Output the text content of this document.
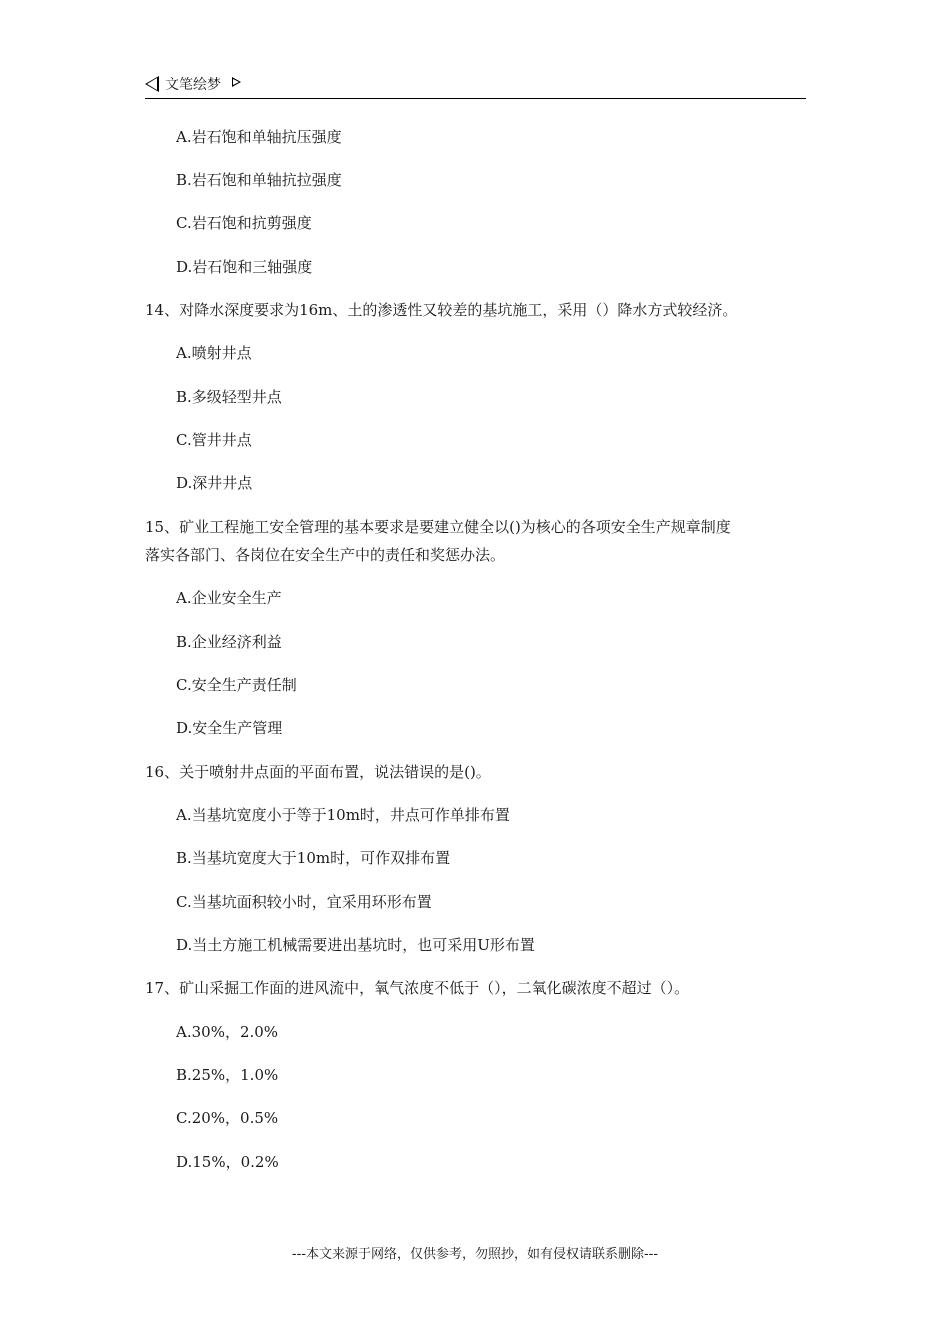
文笔绘梦
A.岩石饱和单轴抗压强度
B.岩石饱和单轴抗拉强度
C.岩石饱和抗剪强度
D.岩石饱和三轴强度
14、对降水深度要求为16m、土的渗透性又较差的基坑施工，采用（）降水方式较经济。
A.喷射井点
B.多级轻型井点
C.管井井点
D.深井井点
15、矿业工程施工安全管理的基本要求是要建立健全以()为核心的各项安全生产规章制度
落实各部门、各岗位在安全生产中的责任和奖惩办法。
A.企业安全生产
B.企业经济利益
C.安全生产责任制
D.安全生产管理
16、关于喷射井点面的平面布置，说法错误的是()。
A.当基坑宽度小于等于10m时，井点可作单排布置
B.当基坑宽度大于10m时，可作双排布置
C.当基坑面积较小时，宜采用环形布置
D.当土方施工机械需要进出基坑时，也可采用U形布置
17、矿山采掘工作面的进风流中，氧气浓度不低于（），二氧化碳浓度不超过（）。
A.30%，2.0%
B.25%，1.0%
C.20%，0.5%
D.15%，0.2%
---本文来源于网络，仅供参考，勿照抄，如有侵权请联系删除---
